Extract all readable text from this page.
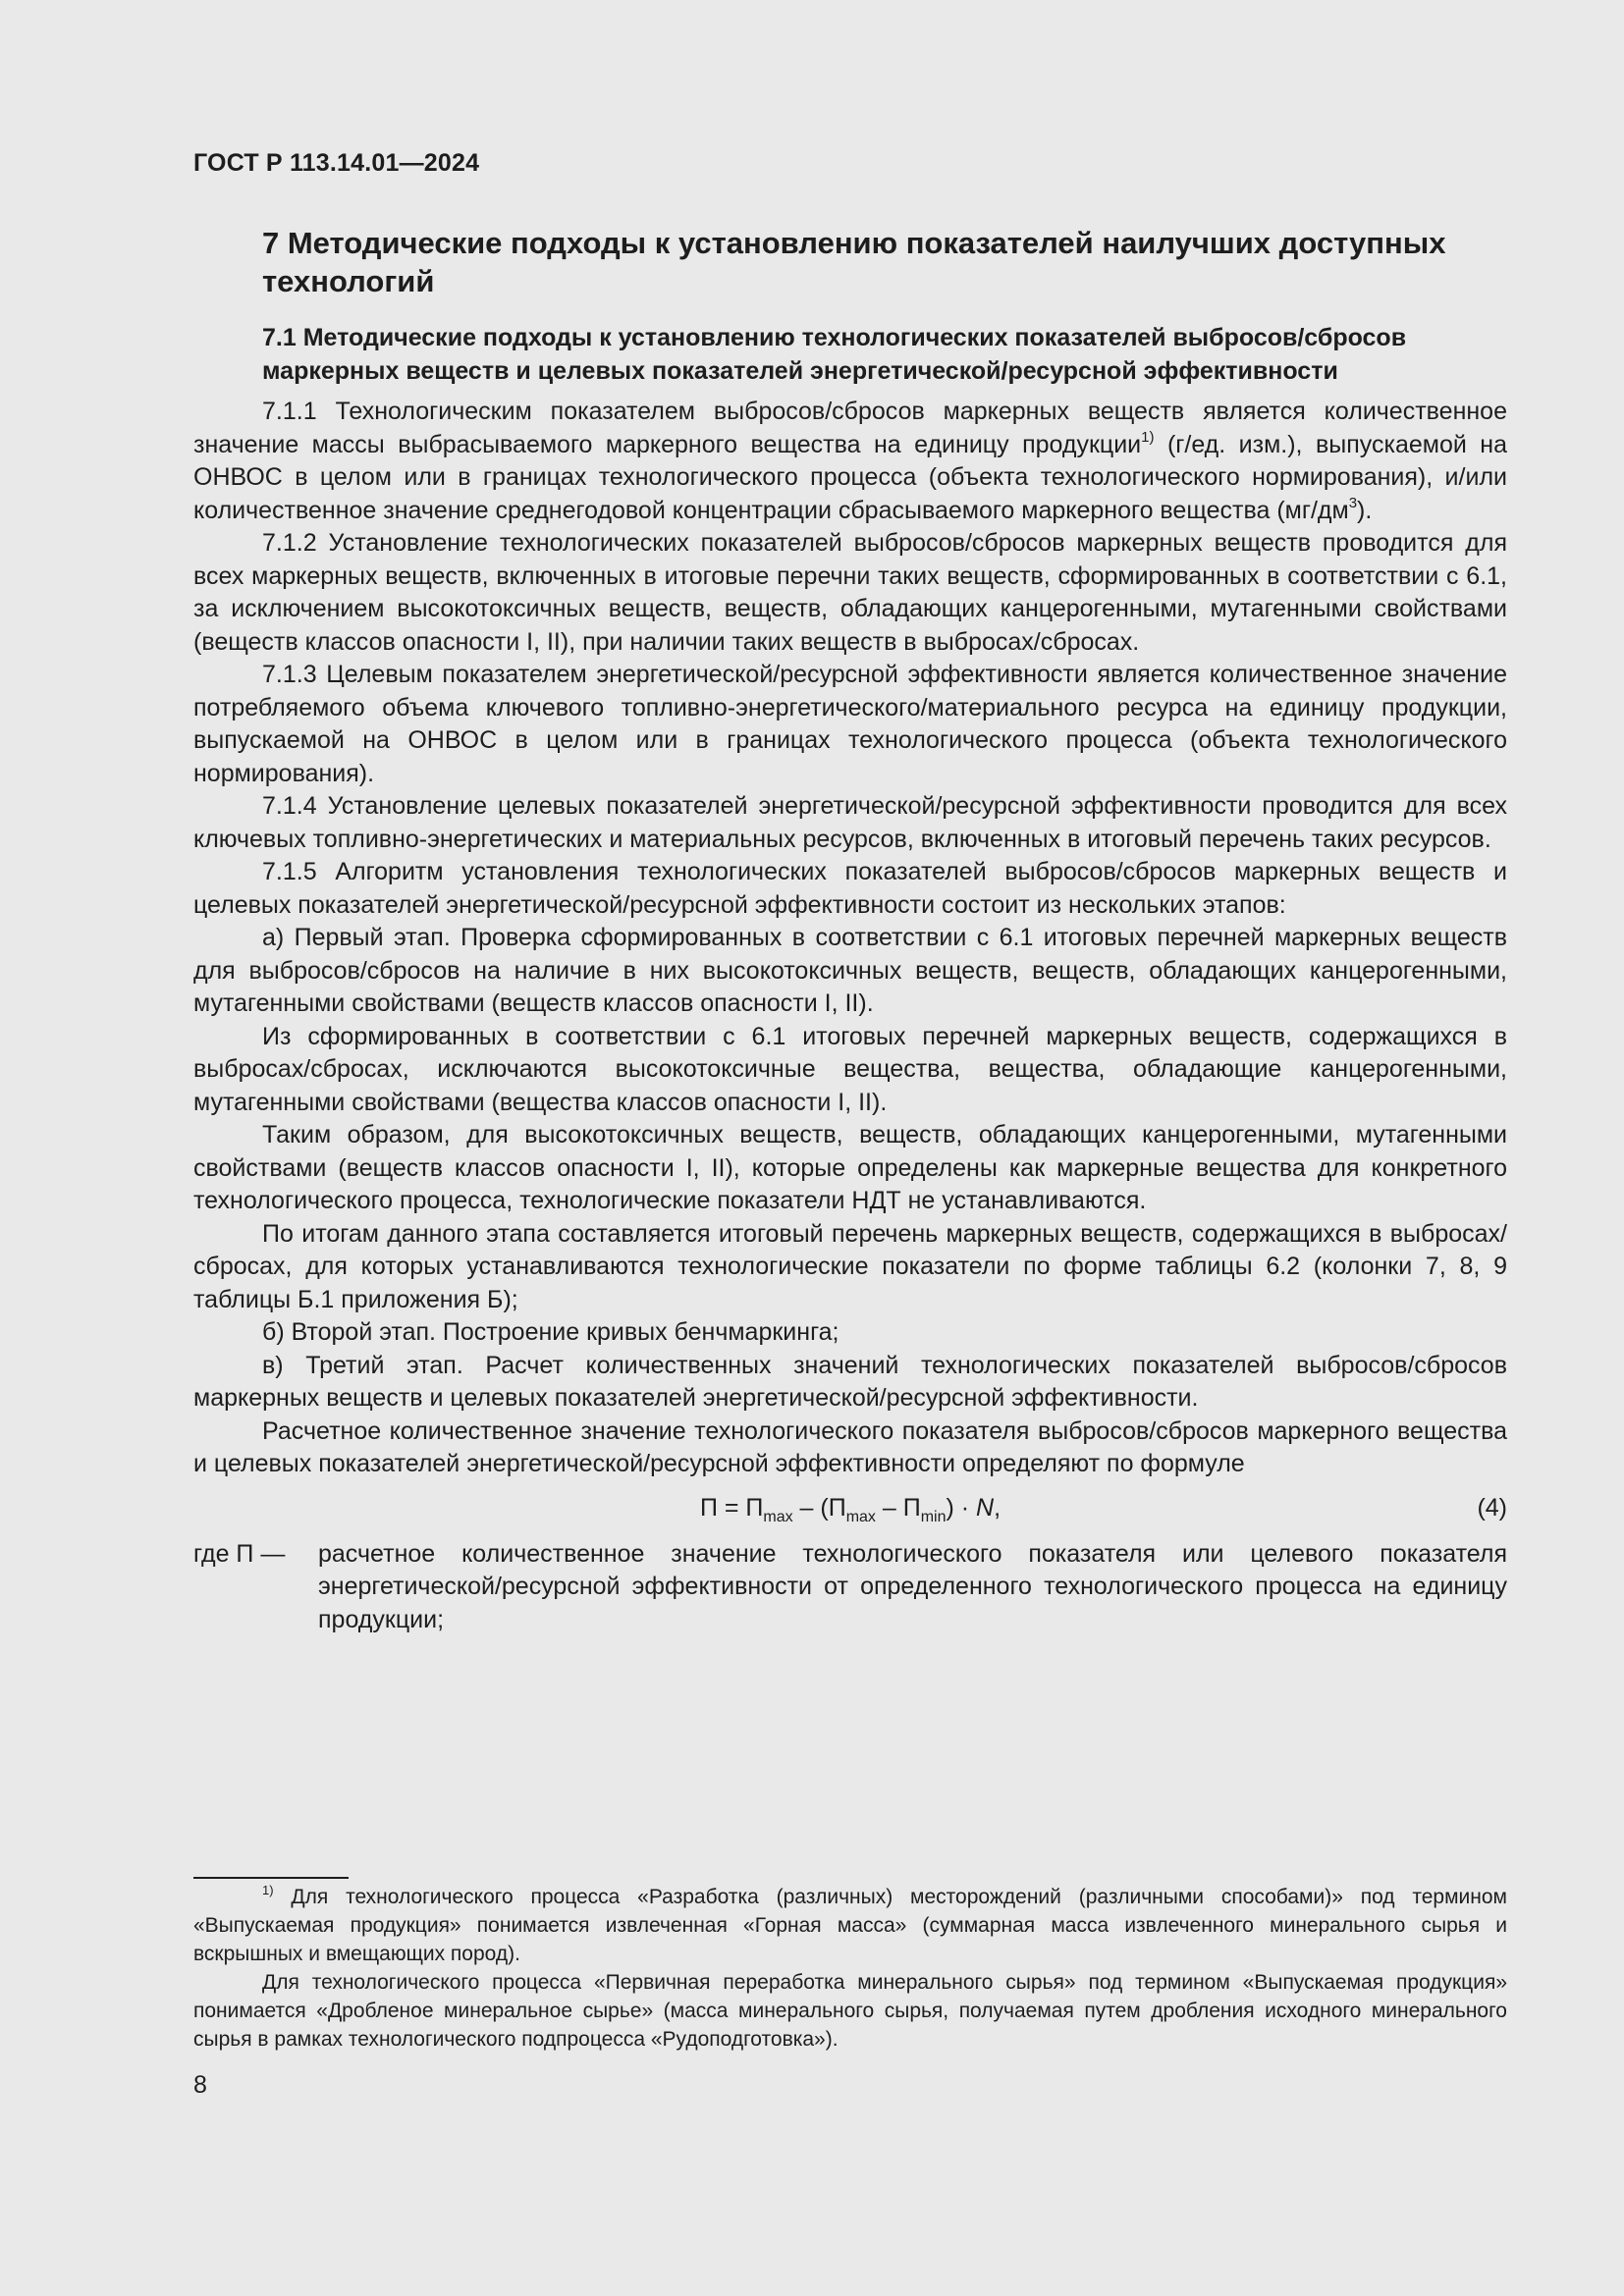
ГОСТ Р 113.14.01—2024
7 Методические подходы к установлению показателей наилучших доступных технологий
7.1 Методические подходы к установлению технологических показателей выбросов/сбросов маркерных веществ и целевых показателей энергетической/ресурсной эффективности

7.1.1 Технологическим показателем выбросов/сбросов маркерных веществ является количественное значение массы выбрасываемого маркерного вещества на единицу продукции$^{1)}$ (г/ед. изм.), выпускаемой на ОНВОС в целом или в границах технологического процесса (объекта технологического нормирования), и/или количественное значение среднегодовой концентрации сбрасываемого маркерного вещества $(мг/дм^3)$.

7.1.2 Установление технологических показателей выбросов/сбросов маркерных веществ проводится для всех маркерных веществ, включенных в итоговые перечни таких веществ, сформированных в соответствии с 6.1, за исключением высокотоксичных веществ, веществ, обладающих канцерогенными, мутагенными свойствами (веществ классов опасности I, II), при наличии таких веществ в выбросах/сбросах.

7.1.3 Целевым показателем энергетической/ресурсной эффективности является количественное значение потребляемого объема ключевого топливно-энергетического/материального ресурса на единицу продукции, выпускаемой на ОНВОС в целом или в границах технологического процесса (объекта технологического нормирования).

7.1.4 Установление целевых показателей энергетической/ресурсной эффективности проводится для всех ключевых топливно-энергетических и материальных ресурсов, включенных в итоговый перечень таких ресурсов.

7.1.5 Алгоритм установления технологических показателей выбросов/сбросов маркерных веществ и целевых показателей энергетической/ресурсной эффективности состоит из нескольких этапов:

а) Первый этап. Проверка сформированных в соответствии с 6.1 итоговых перечней маркерных веществ для выбросов/сбросов на наличие в них высокотоксичных веществ, веществ, обладающих канцерогенными, мутагенными свойствами (веществ классов опасности I, II).

Из сформированных в соответствии с 6.1 итоговых перечней маркерных веществ, содержащихся в выбросах/сбросах, исключаются высокотоксичные вещества, вещества, обладающие канцерогенными, мутагенными свойствами (вещества классов опасности I, II).

Таким образом, для высокотоксичных веществ, веществ, обладающих канцерогенными, мутагенными свойствами (веществ классов опасности I, II), которые определены как маркерные вещества для конкретного технологического процесса, технологические показатели НДТ не устанавливаются.

По итогам данного этапа составляется итоговый перечень маркерных веществ, содержащихся в выбросах/сбросах, для которых устанавливаются технологические показатели по форме таблицы 6.2 (колонки 7, 8, 9 таблицы Б.1 приложения Б);

б) Второй этап. Построение кривых бенчмаркинга;

в) Третий этап. Расчет количественных значений технологических показателей выбросов/сбросов маркерных веществ и целевых показателей энергетической/ресурсной эффективности.

Расчетное количественное значение технологического показателя выбросов/сбросов маркерного вещества и целевых показателей энергетической/ресурсной эффективности определяют по формуле

$П = П_{max} - (П_{max} - П_{min}) \cdot N$,	(4)
где П —	расчетное количественное значение технологического показателя или целевого показателя энергетической/ресурсной эффективности от определенного технологического процесса на единицу продукции;

$^{1)}$ Для технологического процесса «Разработка (различных) месторождений (различными способами)» под термином «Выпускаемая продукция» понимается извлеченная «Горная масса» (суммарная масса извлеченного минерального сырья и вскрышных и вмещающих пород).

Для технологического процесса «Первичная переработка минерального сырья» под термином «Выпускаемая продукция» понимается «Дробленое минеральное сырье» (масса минерального сырья, получаемая путем дробления исходного минерального сырья в рамках технологического подпроцесса «Рудоподготовка»).

8
